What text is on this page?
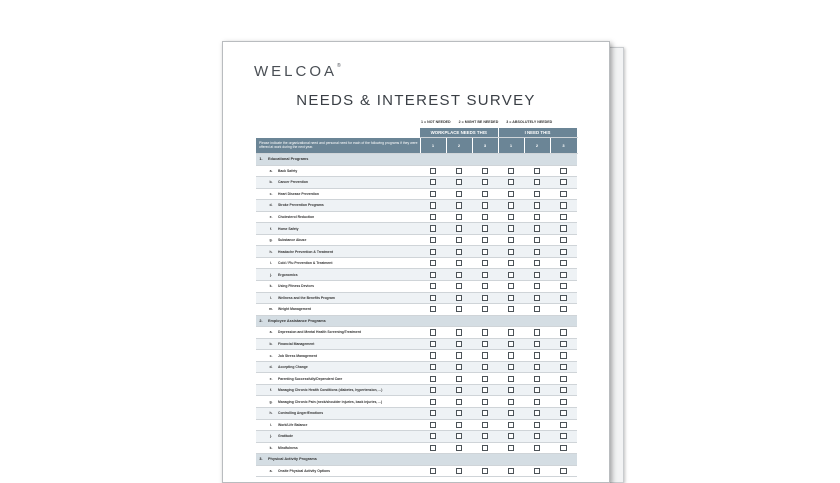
WELCOA®
NEEDS & INTEREST SURVEY
1 = NOT NEEDED 2 = MIGHT BE NEEDED 3 = ABSOLUTELY NEEDED
			WORKPLACE NEEDS THIS			I NEED THIS		
Please indicate the organizational need and personal need for each of the following programs if they were offered at work during the next year.			1	2	3	1	2	3
1.	Educational Programs							
	a.	Back Safety						
	b.	Cancer Prevention						
	c.	Heart Disease Prevention						
	d.	Stroke Prevention Programs						
	e.	Cholesterol Reduction						
	f.	Home Safety						
	g.	Substance Abuse						
	h.	Headache Prevention & Treatment						
	i.	Cold / Flu Prevention & Treatment						
	j.	Ergonomics						
	k.	Using Fitness Devices						
	l.	Wellness and the Benefits Program						
	m.	Weight Management						
2.	Employee Assistance Programs							
	a.	Depression and Mental Health Screening/Treatment						
	b.	Financial Management						
	c.	Job Stress Management						
	d.	Accepting Change						
	e.	Parenting Successfully/Dependent Care						
	f.	Managing Chronic Health Conditions (diabetes, hypertension, ...)						
	g.	Managing Chronic Pain (neck/shoulder injuries, back injuries, ...)						
	h.	Controlling Anger/Emotions						
	i.	Work/Life Balance						
	j.	Gratitude						
	k.	Mindfulness						
3.	Physical Activity Programs							
	a.	Onsite Physical Activity Options						
